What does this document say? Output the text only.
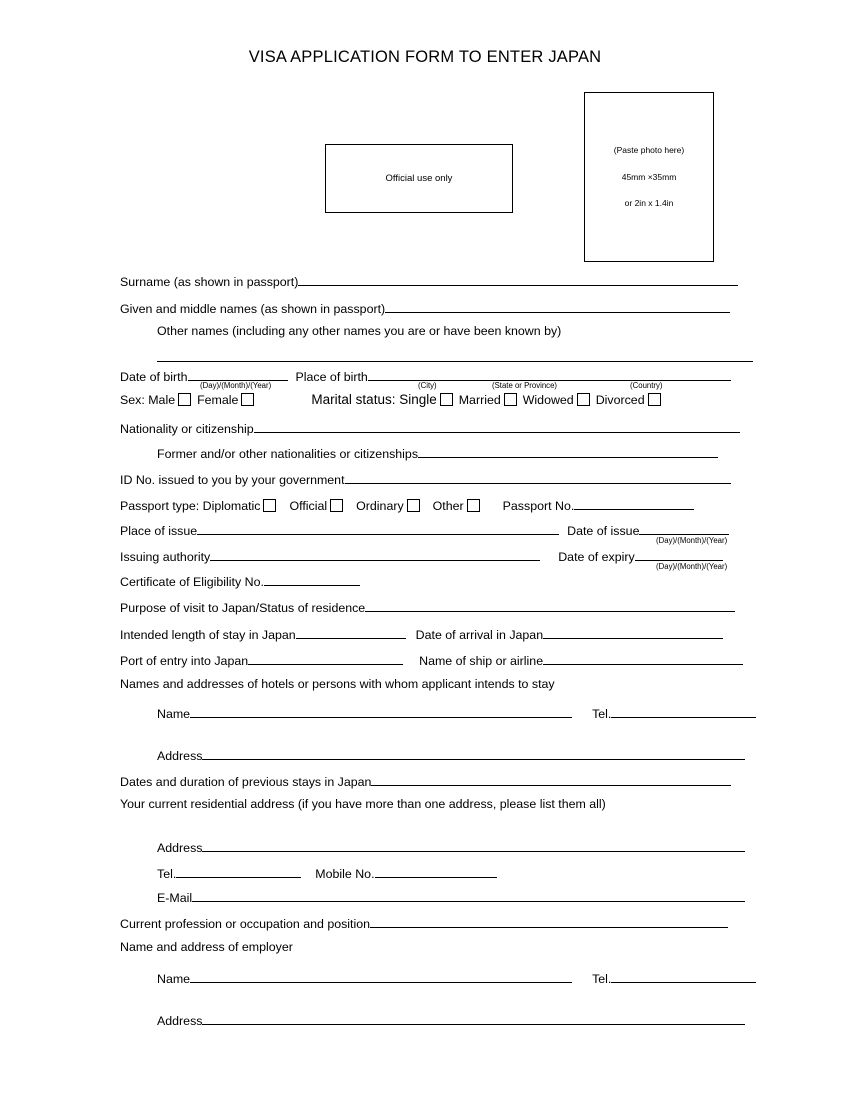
VISA APPLICATION FORM TO ENTER JAPAN
Official use only
(Paste photo here)
45mm ×35mm
or 2in x 1.4in
Surname (as shown in passport)
Given and middle names (as shown in passport)
Other names (including any other names you are or have been known by)
Date of birth	Place of birth
(Day)/(Month)/(Year)	(City)	(State or Province)	(Country)
Sex: Male Female	Marital status: Single Married Widowed Divorced
Nationality or citizenship
Former and/or other nationalities or citizenships
ID No. issued to you by your government
Passport type: Diplomatic Official Ordinary Other	Passport No.
Place of issue	Date of issue
(Day)/(Month)/(Year)
Issuing authority	Date of expiry
(Day)/(Month)/(Year)
Certificate of Eligibility No.
Purpose of visit to Japan/Status of residence
Intended length of stay in Japan	Date of arrival in Japan
Port of entry into Japan	Name of ship or airline
Names and addresses of hotels or persons with whom applicant intends to stay
Name	Tel.
Address
Dates and duration of previous stays in Japan
Your current residential address (if you have more than one address, please list them all)
Address
Tel.	Mobile No.
E-Mail
Current profession or occupation and position
Name and address of employer
Name	Tel.
Address
